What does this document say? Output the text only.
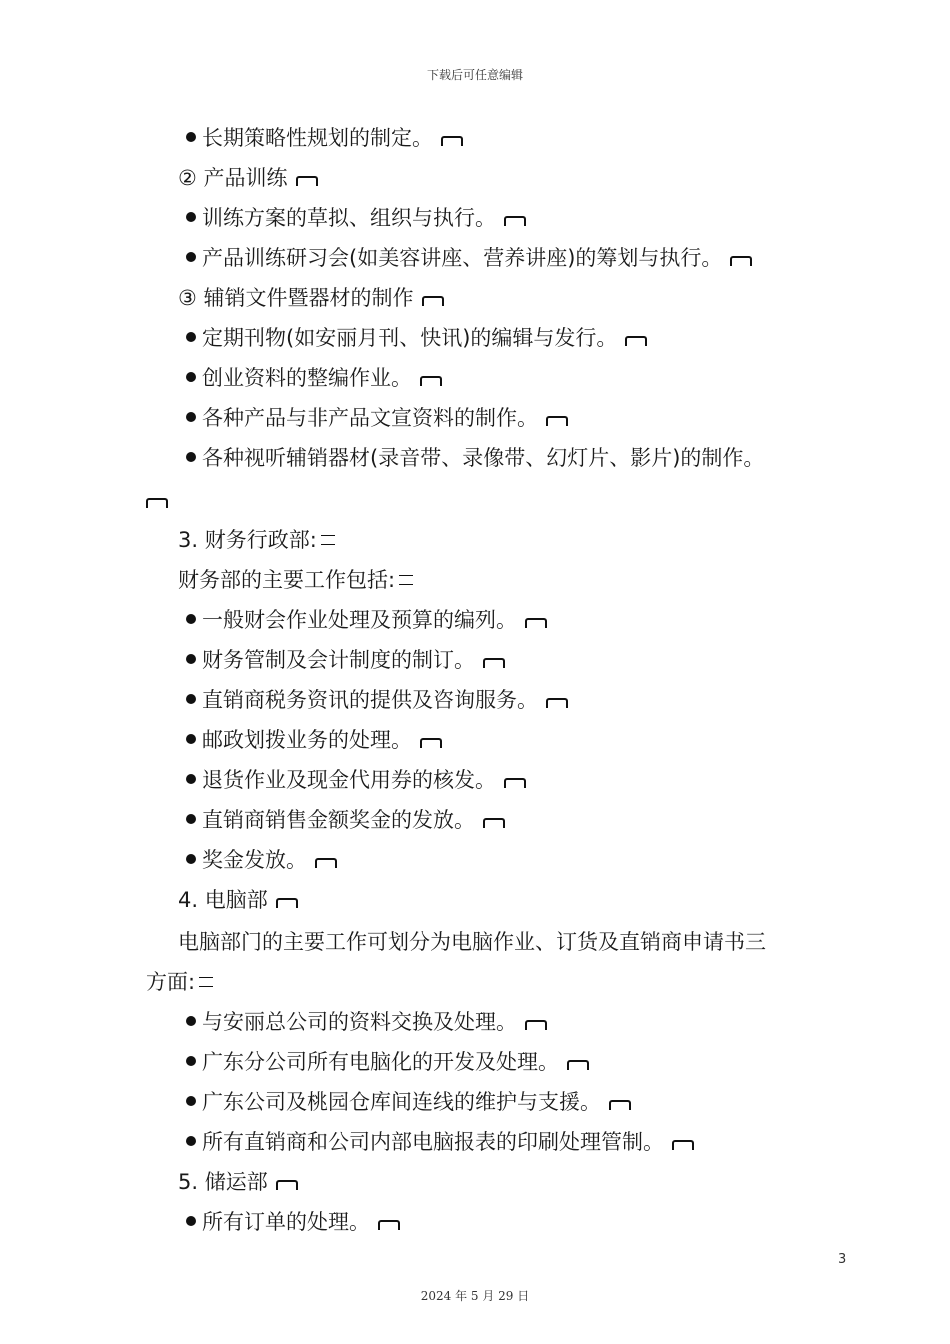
下载后可任意编辑
长期策略性规划的制定。
② 产品训练
训练方案的草拟、组织与执行。
产品训练研习会(如美容讲座、营养讲座)的筹划与执行。
③ 辅销文件暨器材的制作
定期刊物(如安丽月刊、快讯)的编辑与发行。
创业资料的整编作业。
各种产品与非产品文宣资料的制作。
各种视听辅销器材(录音带、录像带、幻灯片、影片)的制作。
3. 财务行政部:
财务部的主要工作包括:
一般财会作业处理及预算的编列。
财务管制及会计制度的制订。
直销商税务资讯的提供及咨询服务。
邮政划拨业务的处理。
退货作业及现金代用券的核发。
直销商销售金额奖金的发放。
奖金发放。
4. 电脑部
电脑部门的主要工作可划分为电脑作业、订货及直销商申请书三
方面:
与安丽总公司的资料交换及处理。
广东分公司所有电脑化的开发及处理。
广东公司及桃园仓库间连线的维护与支援。
所有直销商和公司内部电脑报表的印刷处理管制。
5. 储运部
所有订单的处理。
3
2024 年 5 月 29 日
